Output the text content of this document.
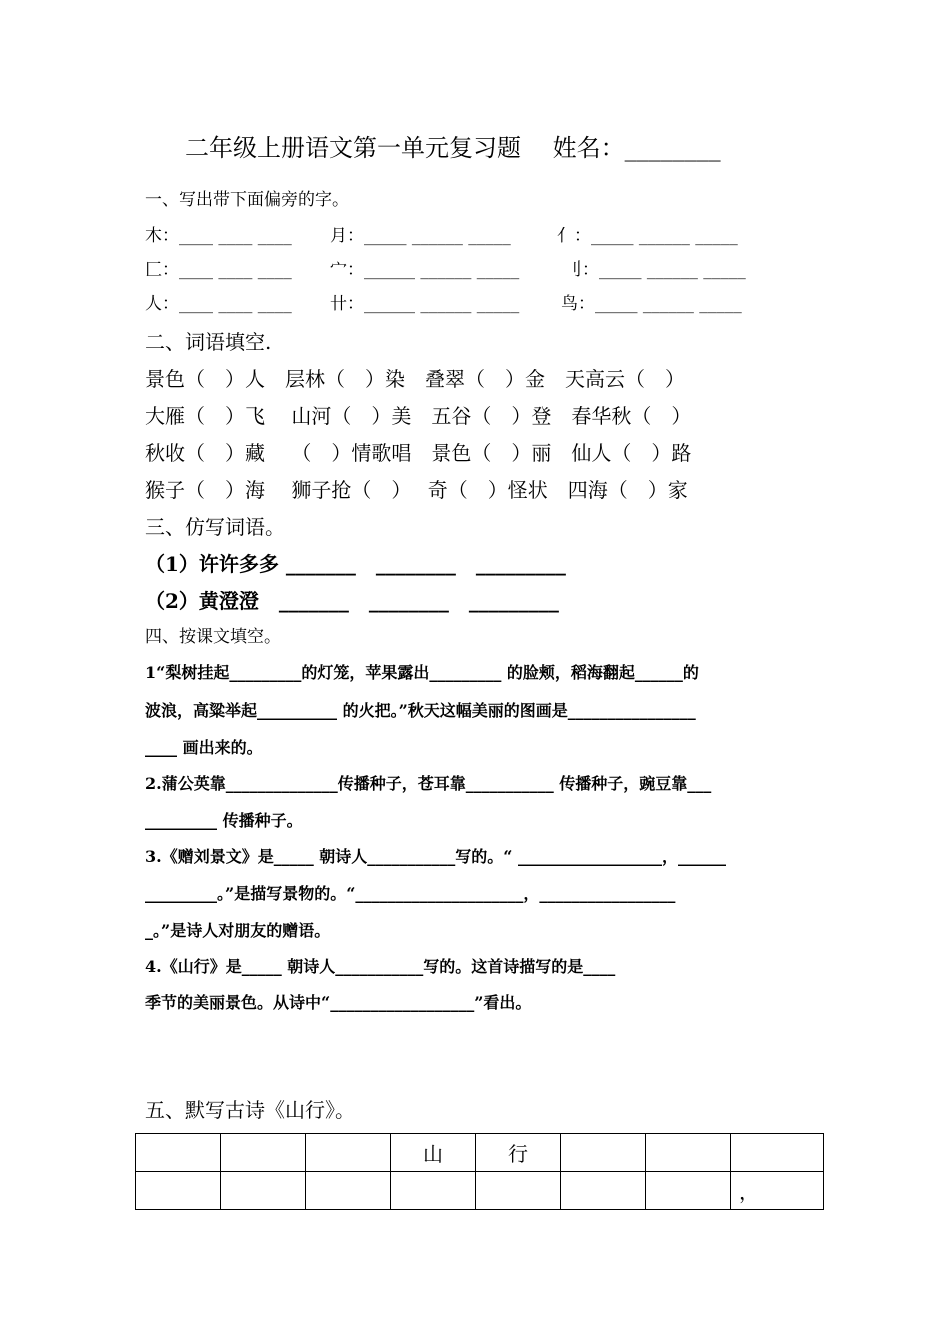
二年级上册语文第一单元复习题　 姓名：________
一、写出带下面偏旁的字。
木：____ ____ ____ 月：_____ ______ _____	亻：_____ ______ _____
匚：____ ____ ____ 宀：______ ______ _____	刂：_____ ______ _____
人：____ ____ ____ 卄：______ ______ _____ 鸟：_____ ______ _____
二、词语填空.
景色（　）人　层林（　）染　叠翠（　）金　天高云（　）
大雁（　）飞　 山河（　）美　五谷（　）登　春华秋（　）
秋收（　）藏　 （　）情歌唱　景色（　）丽　仙人（　）路
猴子（　）海　 狮子抢（　）　 奇（　）怪状　四海（　）家
三、仿写词语。
（1）许许多多 _______　________　_________
（2）黄澄澄　_______　________　_________
四、按课文填空。
1“梨树挂起_________的灯笼，苹果露出_________ 的脸颊，稻海翻起______的
波浪，高粱举起__________ 的火把。”秋天这幅美丽的图画是________________
____ 画出来的。
2.蒲公英靠______________传播种子，苍耳靠___________ 传播种子，豌豆靠___
_________ 传播种子。
3.《赠刘景文》是_____ 朝诗人___________写的。“ __________________，______
_________。”是描写景物的。“_____________________，_________________
_。”是诗人对朋友的赠语。
4.《山行》是_____ 朝诗人___________写的。这首诗描写的是____
季节的美丽景色。从诗中“__________________”看出。
五、默写古诗《山行》。
			山	行			
							，
